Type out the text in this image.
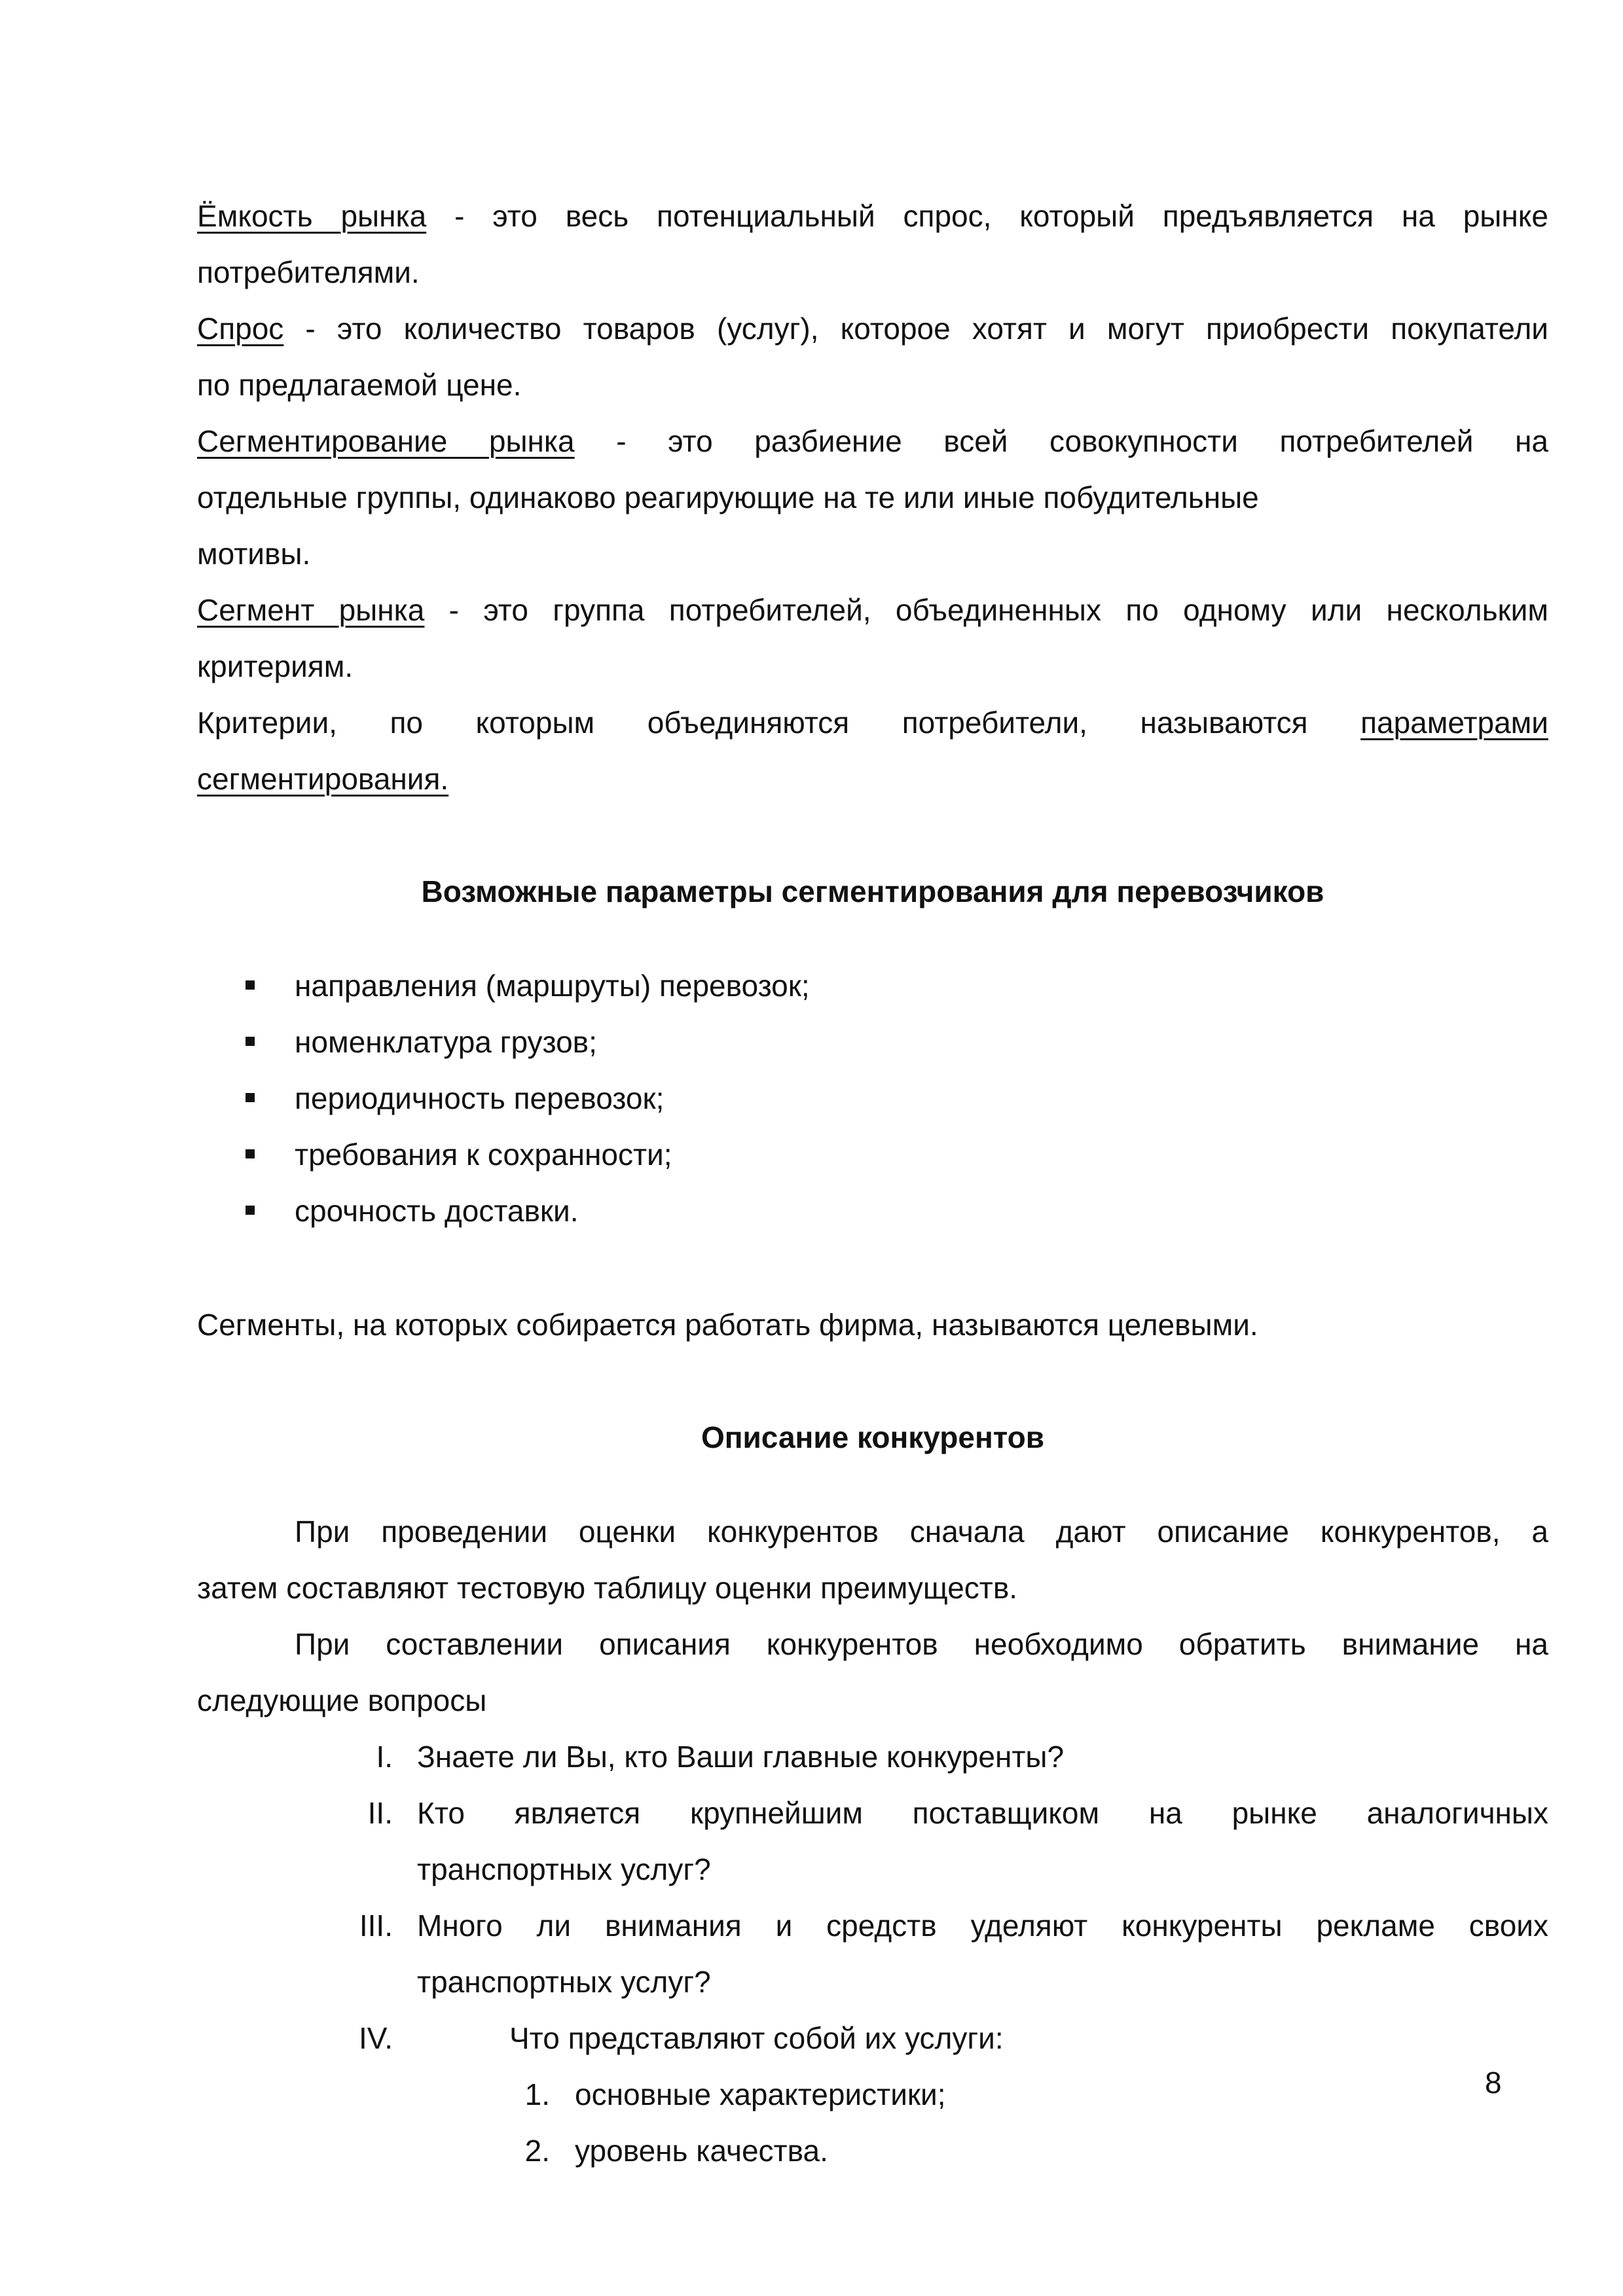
Ёмкость рынка - это весь потенциальный спрос, который предъявляется на рынке
потребителями.
Спрос - это количество товаров (услуг), которое хотят и могут приобрести покупатели
по предлагаемой цене.
Сегментирование рынка - это разбиение всей совокупности потребителей на
отдельные группы, одинаково реагирующие на те или иные побудительные
мотивы.
Сегмент рынка - это группа потребителей, объединенных по одному или нескольким
критериям.
Критерии, по которым объединяются потребители, называются параметрами
сегментирования.
Возможные параметры сегментирования для перевозчиков
направления (маршруты) перевозок;
номенклатура грузов;
периодичность перевозок;
требования к сохранности;
срочность доставки.
Сегменты, на которых собирается работать фирма, называются целевыми.
Описание конкурентов
При проведении оценки конкурентов сначала дают описание конкурентов, а
затем составляют тестовую таблицу оценки преимуществ.
При составлении описания конкурентов необходимо обратить внимание на
следующие вопросы
I. Знаете ли Вы, кто Ваши главные конкуренты?
II. Кто является крупнейшим поставщиком на рынке аналогичных
транспортных услуг?
III. Много ли внимания и средств уделяют конкуренты рекламе своих
транспортных услуг?
IV.	Что представляют собой их услуги:
1. основные характеристики;
2. уровень качества.
8
